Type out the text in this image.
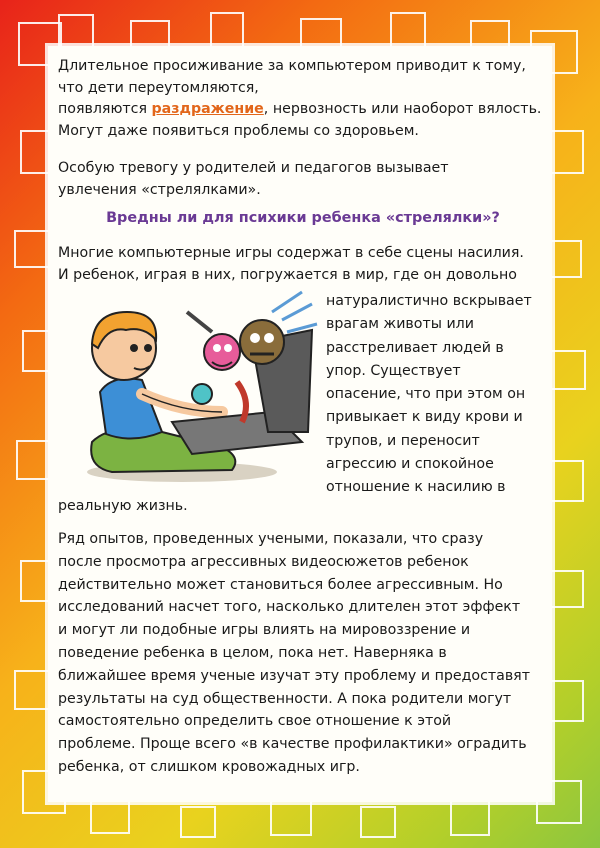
Длительное просиживание за компьютером приводит к тому,

что дети переутомляются,

появляются раздражение, нервозность или наоборот вялость.

Могут даже появиться проблемы со здоровьем.

Особую тревогу у родителей и педагогов вызывает

увлечения «стрелялками».

Вредны ли для психики ребенка «стрелялки»?

Многие компьютерные игры содержат в себе сцены насилия.

И ребенок, играя в них, погружается в мир, где он довольно

натуралистично вскрывает
врагам животы или
расстреливает людей в
упор. Существует
опасение, что при этом он
привыкает к виду крови и
трупов, и переносит
агрессию и спокойное
отношение к насилию в

реальную жизнь.

Ряд опытов, проведенных учеными, показали, что сразу

после просмотра агрессивных видеосюжетов ребенок

действительно может становиться более агрессивным. Но

исследований насчет того, насколько длителен этот эффект

и могут ли подобные игры влиять на мировоззрение и

поведение ребенка в целом, пока нет. Наверняка в

ближайшее время ученые изучат эту проблему и предоставят

результаты на суд общественности. А пока родители могут

самостоятельно определить свое отношение к этой

проблеме. Проще всего «в качестве профилактики» оградить

ребенка, от слишком кровожадных игр.
